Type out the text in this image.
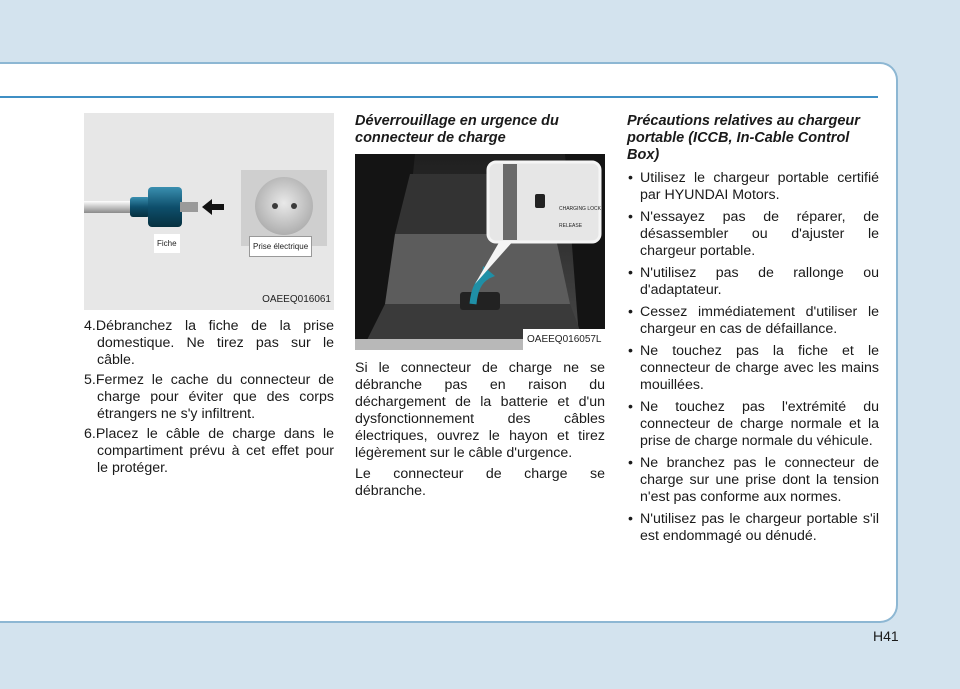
Fiche	Prise électrique
OAEEQ016061
4.Débranchez la fiche de la prise domestique. Ne tirez pas sur le câble.
5.Fermez le cache du connecteur de charge pour éviter que des corps étrangers ne s'y infiltrent.
6.Placez le câble de charge dans le compartiment prévu à cet effet pour le protéger.
Déverrouillage en urgence du connecteur de charge
CHARGING LOCK RELEASE
OAEEQ016057L

Si le connecteur de charge ne se débranche pas en raison du déchargement de la batterie et d'un dysfonctionnement des câbles électriques, ouvrez le hayon et tirez légèrement sur le câble d'urgence.

Le connecteur de charge se débranche.

Précautions relatives au chargeur portable (ICCB, In-Cable Control Box)
• Utilisez le chargeur portable certifié par HYUNDAI Motors.
• N'essayez pas de réparer, de désassembler ou d'ajuster le chargeur portable.
• N'utilisez pas de rallonge ou d'adaptateur.
• Cessez immédiatement d'utiliser le chargeur en cas de défaillance.
• Ne touchez pas la fiche et le connecteur de charge avec les mains mouillées.
• Ne touchez pas l'extrémité du connecteur de charge normale et la prise de charge normale du véhicule.
• Ne branchez pas le connecteur de charge sur une prise dont la tension n'est pas conforme aux normes.
• N'utilisez pas le chargeur portable s'il est endommagé ou dénudé.
H41
